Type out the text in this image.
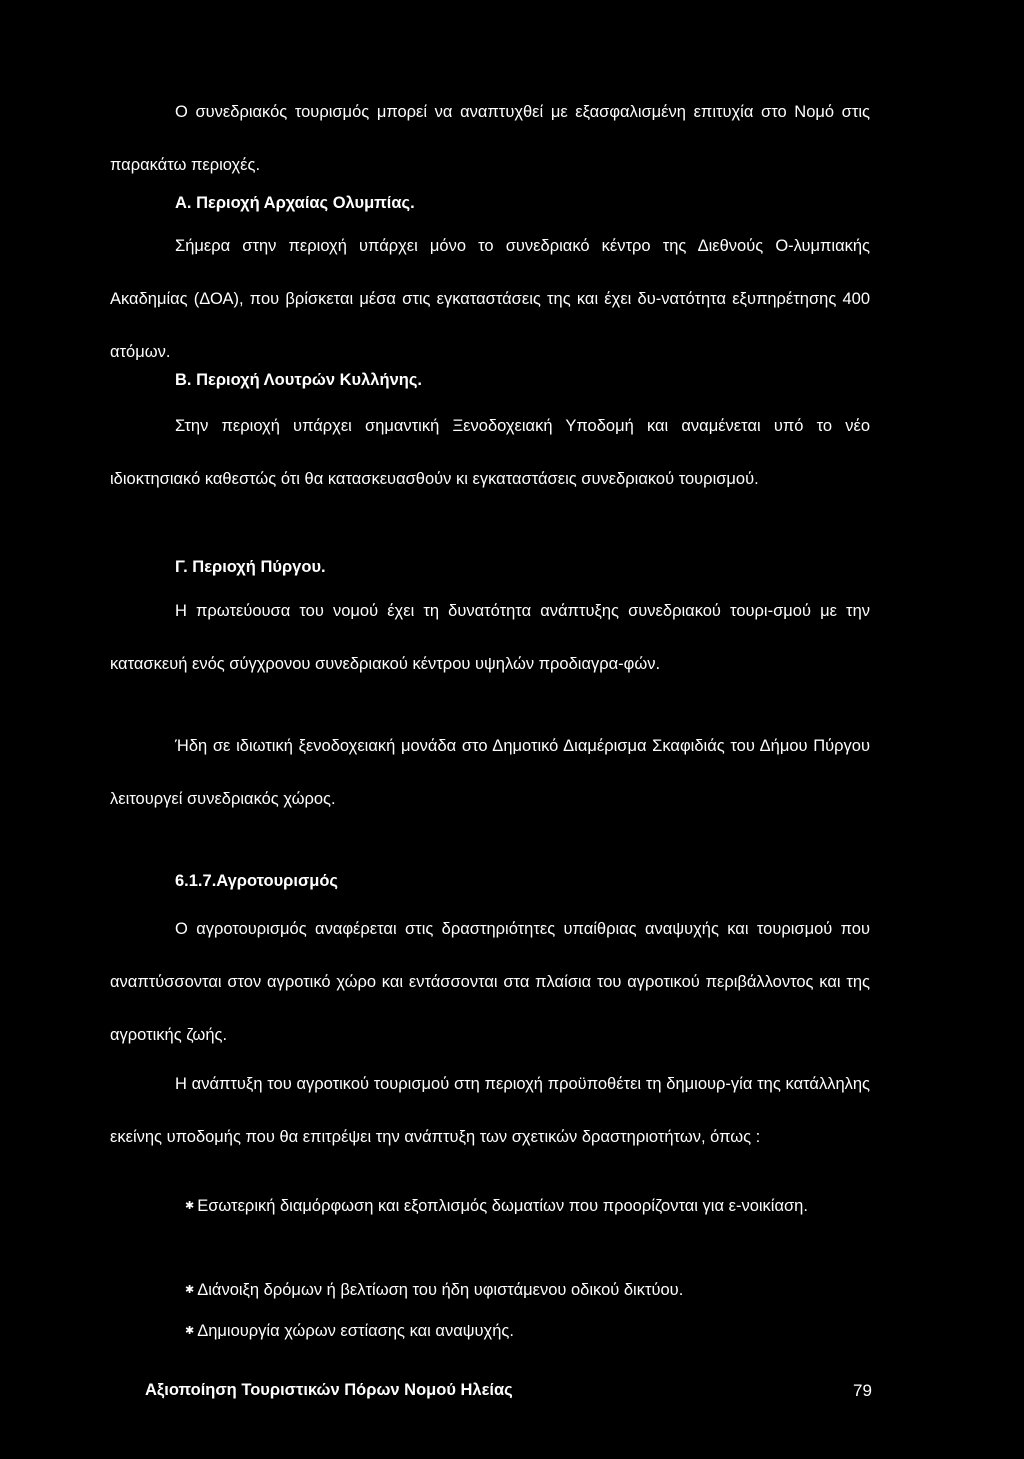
Ο συνεδριακός τουρισμός μπορεί να αναπτυχθεί με εξασφαλισμένη επιτυχία στο Νομό στις παρακάτω περιοχές.

Α. Περιοχή Αρχαίας Ολυμπίας.

Σήμερα στην περιοχή υπάρχει μόνο το συνεδριακό κέντρο της Διεθνούς Ο-λυμπιακής Ακαδημίας (ΔΟΑ), που βρίσκεται μέσα στις εγκαταστάσεις της και έχει δυ-νατότητα εξυπηρέτησης 400 ατόμων.

Β. Περιοχή Λουτρών Κυλλήνης.

Στην περιοχή υπάρχει σημαντική Ξενοδοχειακή Υποδομή και αναμένεται υπό το νέο ιδιοκτησιακό καθεστώς ότι θα κατασκευασθούν κι εγκαταστάσεις συνεδριακού τουρισμού.

Γ. Περιοχή Πύργου.

Η πρωτεύουσα του νομού έχει τη δυνατότητα ανάπτυξης συνεδριακού τουρι-σμού με την κατασκευή ενός σύγχρονου συνεδριακού κέντρου υψηλών προδιαγρα-φών.

Ήδη σε ιδιωτική ξενοδοχειακή μονάδα στο Δημοτικό Διαμέρισμα Σκαφιδιάς του Δήμου Πύργου λειτουργεί συνεδριακός χώρος.

6.1.7.Αγροτουρισμός

Ο αγροτουρισμός αναφέρεται στις δραστηριότητες υπαίθριας αναψυχής και τουρισμού που αναπτύσσονται στον αγροτικό χώρο και εντάσσονται στα πλαίσια του αγροτικού περιβάλλοντος και της αγροτικής ζωής.

Η ανάπτυξη του αγροτικού τουρισμού στη περιοχή προϋποθέτει τη δημιουρ-γία της κατάλληλης εκείνης υποδομής που θα επιτρέψει την ανάπτυξη των σχετικών δραστηριοτήτων, όπως :

✱ Εσωτερική διαμόρφωση και εξοπλισμός δωματίων που προορίζονται για ε-νοικίαση.

✱ Διάνοιξη δρόμων ή βελτίωση του ήδη υφιστάμενου οδικού δικτύου.

✱ Δημιουργία χώρων εστίασης και αναψυχής.

Αξιοποίηση Τουριστικών Πόρων Νομού Ηλείας	79
